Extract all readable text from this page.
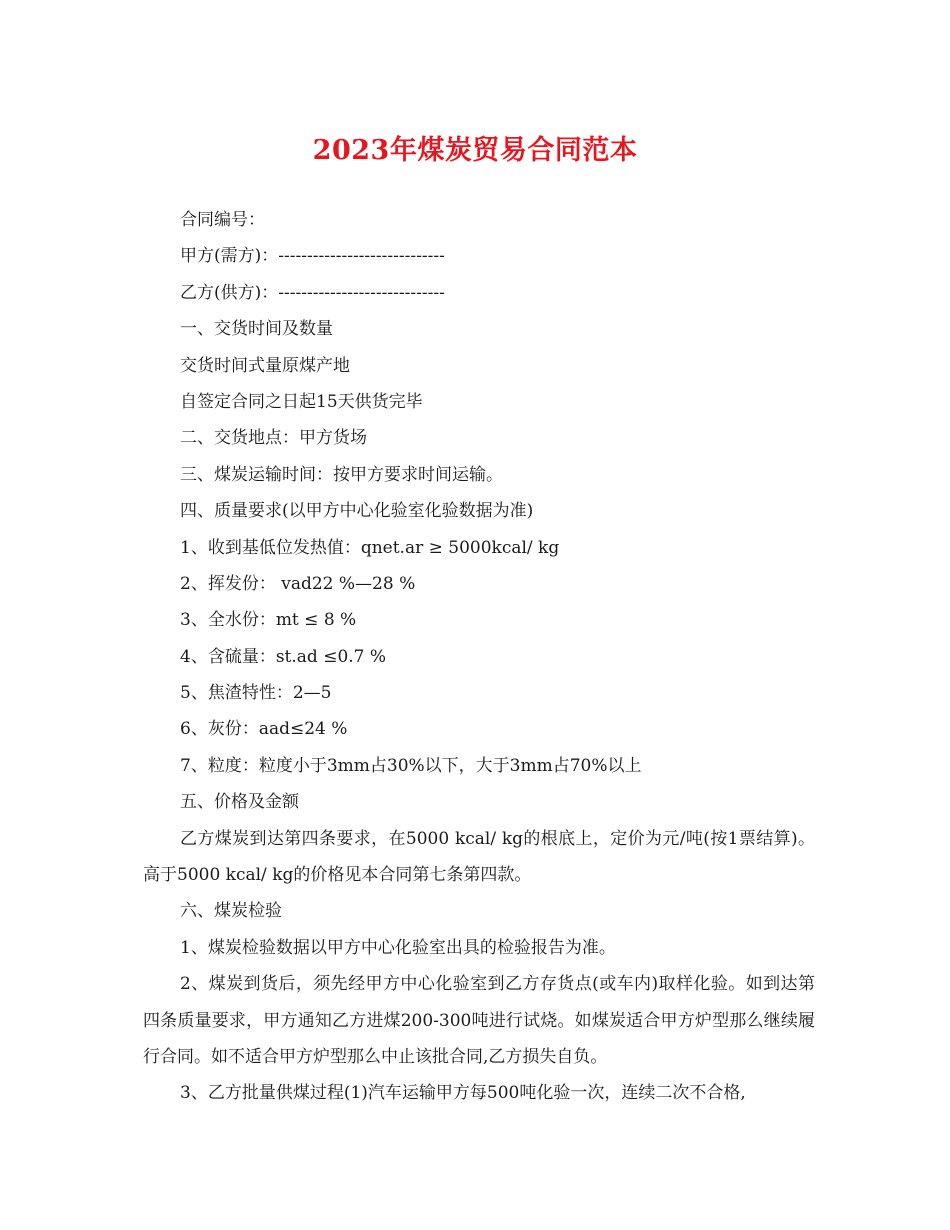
2023年煤炭贸易合同范本
合同编号：
甲方(需方)：-----------------------------
乙方(供方)：-----------------------------
一、交货时间及数量
交货时间式量原煤产地
自签定合同之日起15天供货完毕
二、交货地点：甲方货场
三、煤炭运输时间：按甲方要求时间运输。
四、质量要求(以甲方中心化验室化验数据为准)
1、收到基低位发热值：qnet.ar ≥ 5000kcal/ kg
2、挥发份： vad22 %—28 %
3、全水份：mt ≤ 8 %
4、含硫量：st.ad ≤0.7 %
5、焦渣特性：2—5
6、灰份：aad≤24 %
7、粒度：粒度小于3mm占30%以下，大于3mm占70%以上
五、价格及金额
乙方煤炭到达第四条要求，在5000 kcal/ kg的根底上，定价为元/吨(按1票结算)。高于5000 kcal/ kg的价格见本合同第七条第四款。
六、煤炭检验
1、煤炭检验数据以甲方中心化验室出具的检验报告为准。
2、煤炭到货后，须先经甲方中心化验室到乙方存货点(或车内)取样化验。如到达第四条质量要求，甲方通知乙方进煤200-300吨进行试烧。如煤炭适合甲方炉型那么继续履行合同。如不适合甲方炉型那么中止该批合同,乙方损失自负。
3、乙方批量供煤过程(1)汽车运输甲方每500吨化验一次，连续二次不合格,
